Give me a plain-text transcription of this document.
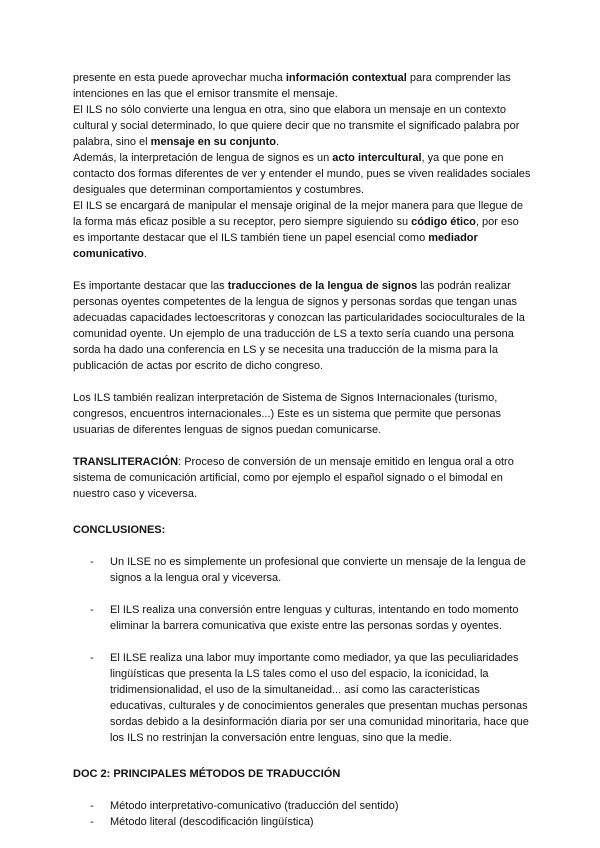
presente en esta puede aprovechar mucha información contextual para comprender las intenciones en las que el emisor transmite el mensaje.

El ILS no sólo convierte una lengua en otra, sino que elabora un mensaje en un contexto cultural y social determinado, lo que quiere decir que no transmite el significado palabra por palabra, sino el mensaje en su conjunto.

Además, la interpretación de lengua de signos es un acto intercultural, ya que pone en contacto dos formas diferentes de ver y entender el mundo, pues se viven realidades sociales desiguales que determinan comportamientos y costumbres.

El ILS se encargará de manipular el mensaje original de la mejor manera para que llegue de la forma más eficaz posible a su receptor, pero siempre siguiendo su código ético, por eso es importante destacar que el ILS también tiene un papel esencial como mediador comunicativo.

Es importante destacar que las traducciones de la lengua de signos las podrán realizar personas oyentes competentes de la lengua de signos y personas sordas que tengan unas adecuadas capacidades lectoescritoras y conozcan las particularidades socioculturales de la comunidad oyente. Un ejemplo de una traducción de LS a texto sería cuando una persona sorda ha dado una conferencia en LS y se necesita una traducción de la misma para la publicación de actas por escrito de dicho congreso.

Los ILS también realizan interpretación de Sistema de Signos Internacionales (turismo, congresos, encuentros internacionales...) Este es un sistema que permite que personas usuarias de diferentes lenguas de signos puedan comunicarse.

TRANSLITERACIÓN: Proceso de conversión de un mensaje emitido en lengua oral a otro sistema de comunicación artificial, como por ejemplo el español signado o el bimodal en nuestro caso y viceversa.

CONCLUSIONES:

- Un ILSE no es simplemente un profesional que convierte un mensaje de la lengua de signos a la lengua oral y viceversa.
- El ILS realiza una conversión entre lenguas y culturas, intentando en todo momento eliminar la barrera comunicativa que existe entre las personas sordas y oyentes.
- El ILSE realiza una labor muy importante como mediador, ya que las peculiaridades lingüísticas que presenta la LS tales como el uso del espacio, la iconicidad, la tridimensionalidad, el uso de la simultaneidad... así como las características educativas, culturales y de conocimientos generales que presentan muchas personas sordas debido a la desinformación diaria por ser una comunidad minoritaria, hace que los ILS no restrinjan la conversación entre lenguas, sino que la medie.

DOC 2: PRINCIPALES MÉTODOS DE TRADUCCIÓN

- Método interpretativo-comunicativo (traducción del sentido)
- Método literal (descodificación lingüística)
